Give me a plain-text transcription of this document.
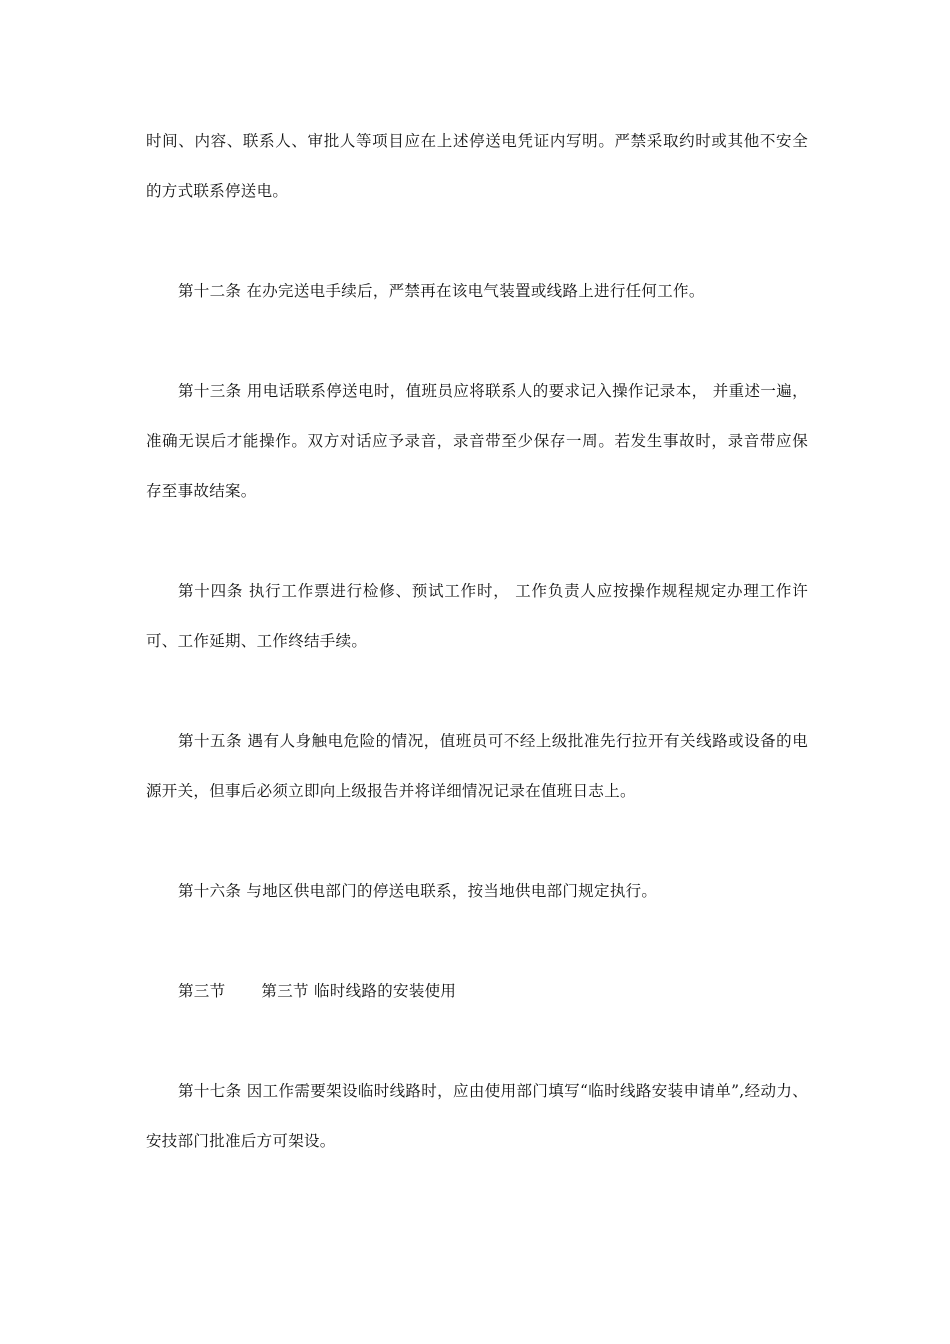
时间、内容、联系人、审批人等项目应在上述停送电凭证内写明。严禁采取约时或其他不安全的方式联系停送电。

第十二条 在办完送电手续后，严禁再在该电气装置或线路上进行任何工作。

第十三条 用电话联系停送电时，值班员应将联系人的要求记入操作记录本， 并重述一遍，准确无误后才能操作。双方对话应予录音，录音带至少保存一周。若发生事故时，录音带应保存至事故结案。

第十四条 执行工作票进行检修、预试工作时， 工作负责人应按操作规程规定办理工作许可、工作延期、工作终结手续。

第十五条 遇有人身触电危险的情况，值班员可不经上级批准先行拉开有关线路或设备的电源开关，但事后必须立即向上级报告并将详细情况记录在值班日志上。

第十六条 与地区供电部门的停送电联系，按当地供电部门规定执行。

第三节 第三节 临时线路的安装使用

第十七条 因工作需要架设临时线路时，应由使用部门填写“临时线路安装申请单”,经动力、安技部门批准后方可架设。
